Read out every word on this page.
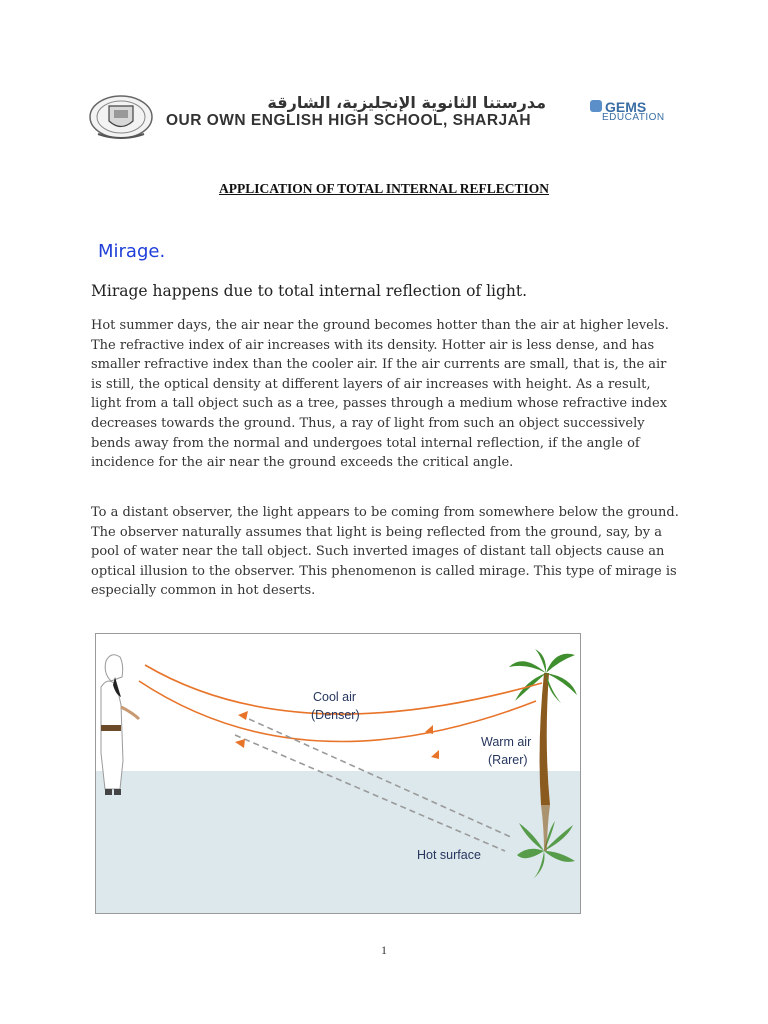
مدرستنا الثانوية الإنجليزية، الشارقة
OUR OWN ENGLISH HIGH SCHOOL, SHARJAH
GEMS
EDUCATION
APPLICATION OF TOTAL INTERNAL REFLECTION
Mirage.
Mirage happens due to total internal reflection of light.

Hot summer days, the air near the ground becomes hotter than the air at higher levels. The refractive index of air increases with its density. Hotter air is less dense, and has smaller refractive index than the cooler air. If the air currents are small, that is, the air is still, the optical density at different layers of air increases with height. As a result, light from a tall object such as a tree, passes through a medium whose refractive index decreases towards the ground. Thus, a ray of light from such an object successively bends away from the normal and undergoes total internal reflection, if the angle of incidence for the air near the ground exceeds the critical angle.

To a distant observer, the light appears to be coming from somewhere below the ground. The observer naturally assumes that light is being reflected from the ground, say, by a pool of water near the tall object. Such inverted images of distant tall objects cause an optical illusion to the observer. This phenomenon is called mirage. This type of mirage is especially common in hot deserts.

Cool air
(Denser)
Warm air
(Rarer)
Hot surface
1
